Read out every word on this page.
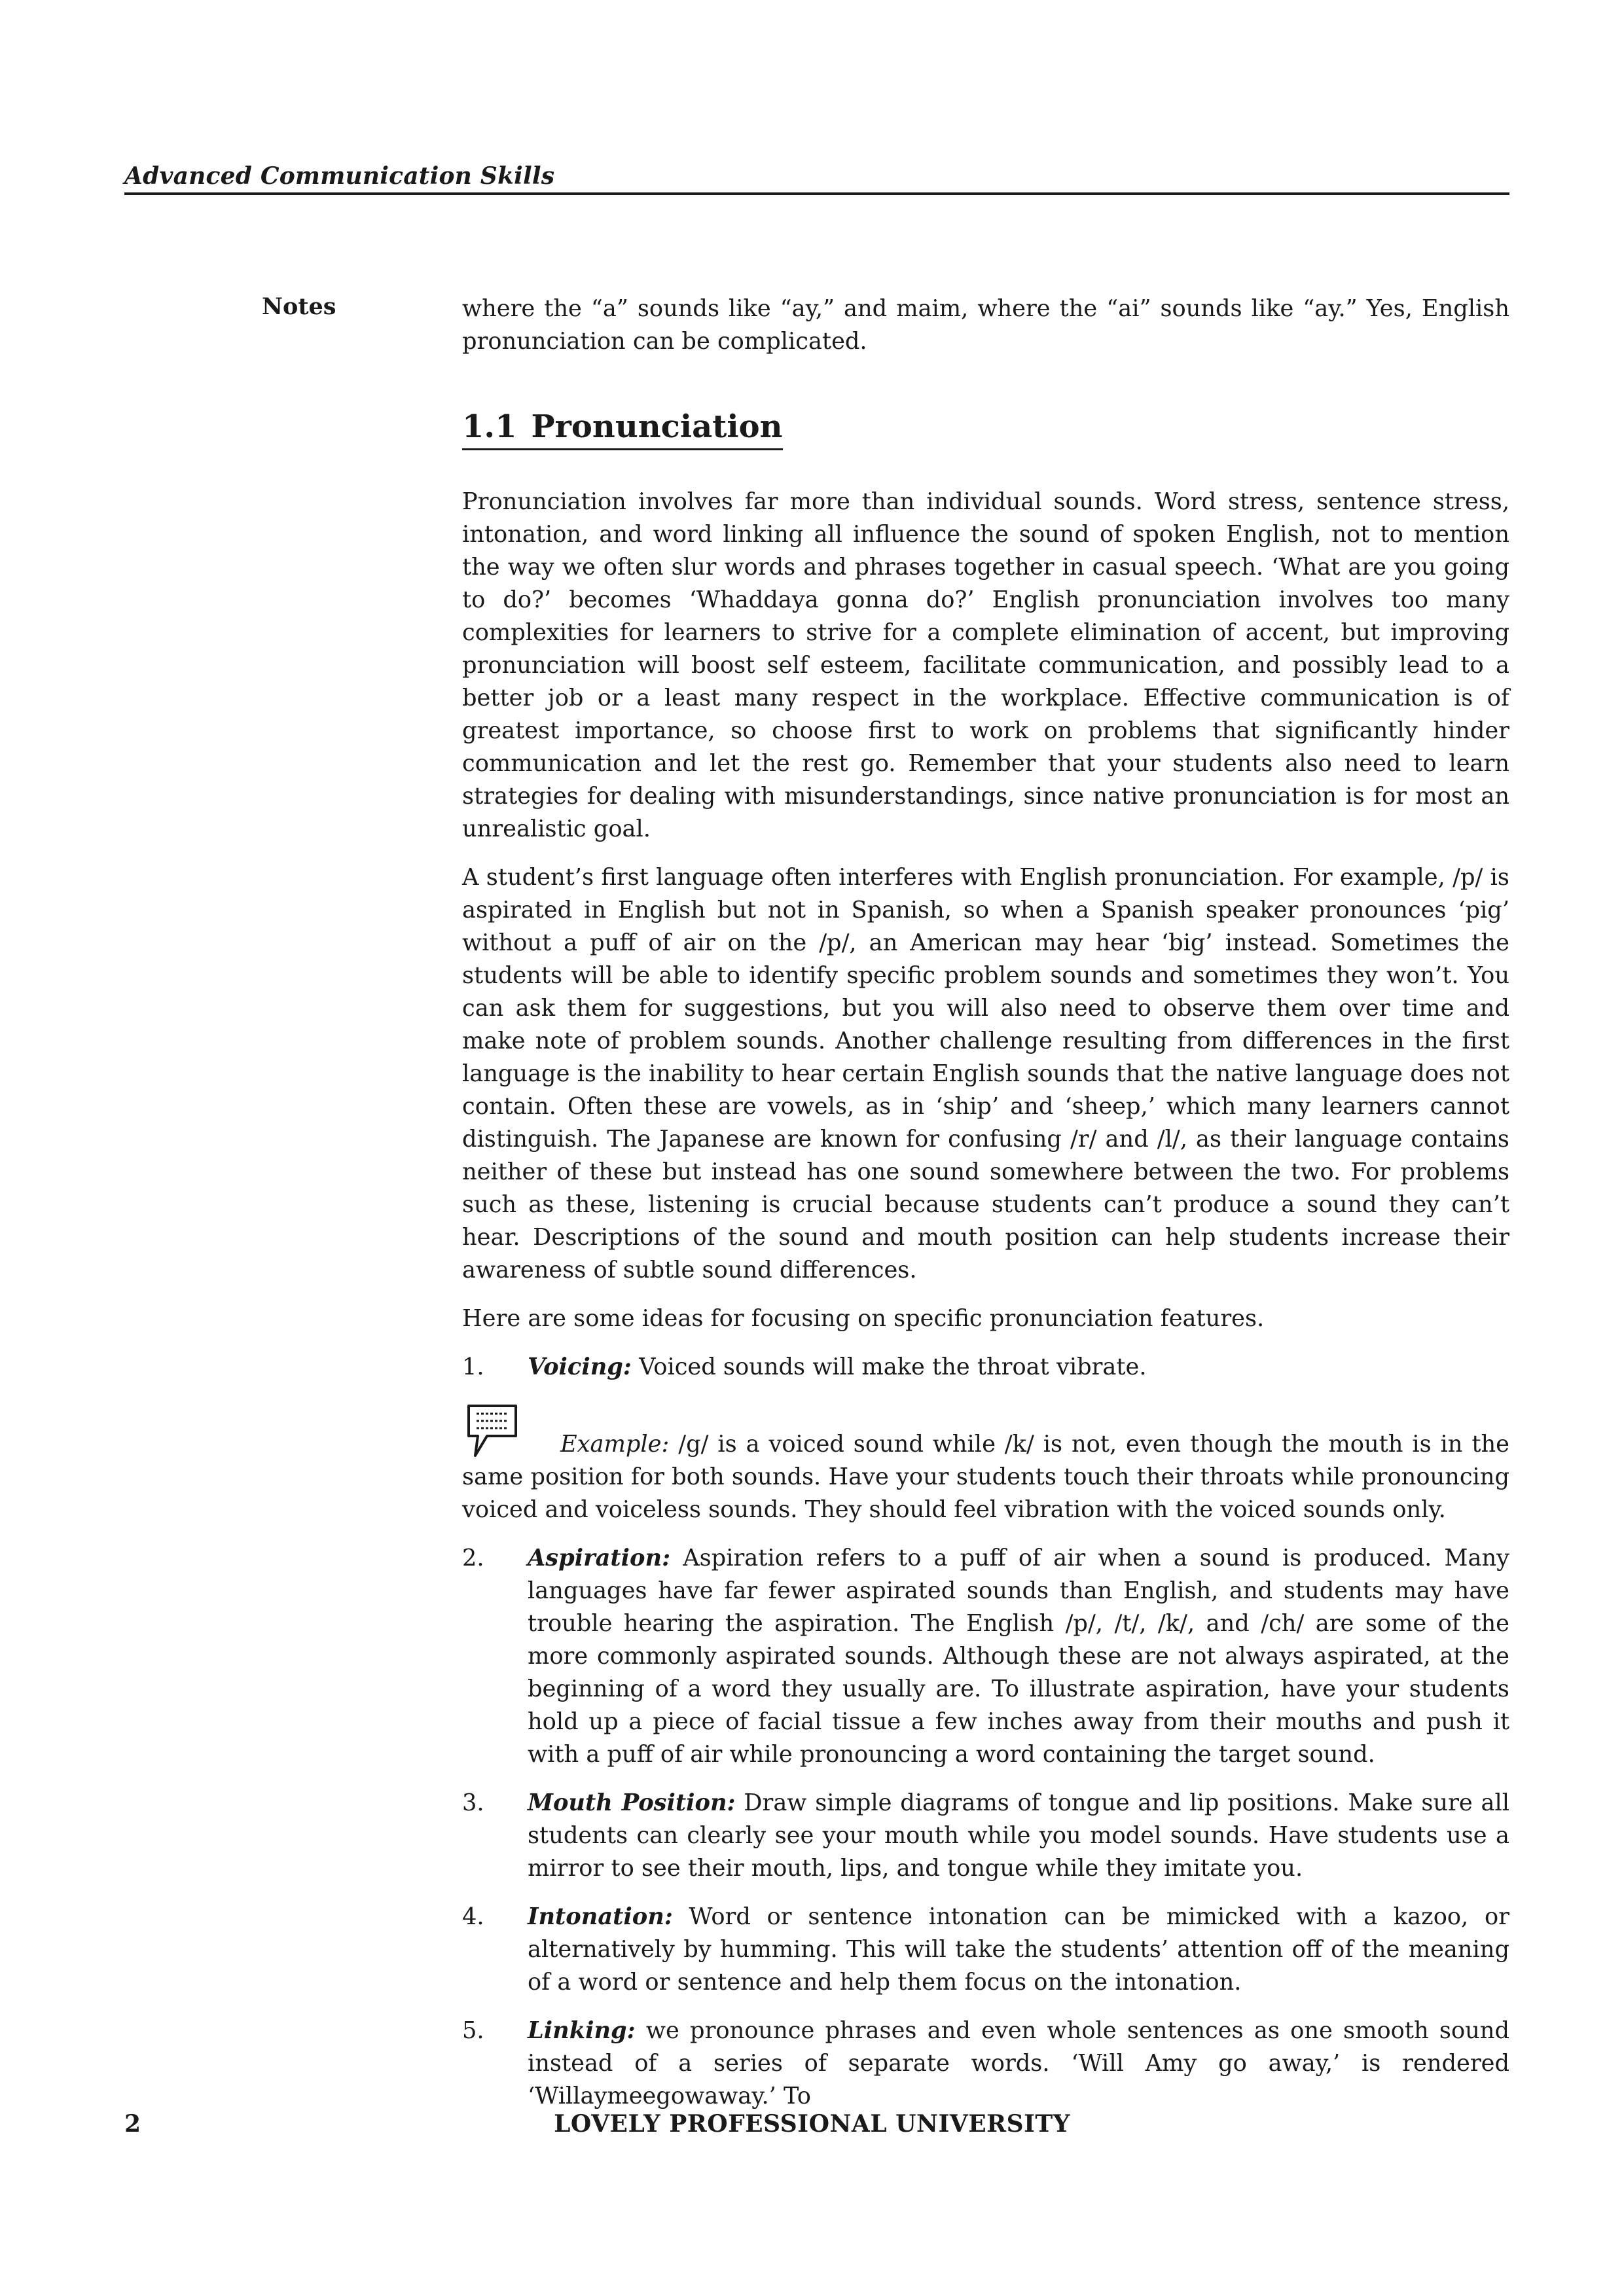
Advanced Communication Skills
Notes	where the “a” sounds like “ay,” and maim, where the “ai” sounds like “ay.” Yes, English pronunciation can be complicated.

1.1 Pronunciation

Pronunciation involves far more than individual sounds. Word stress, sentence stress, intonation, and word linking all influence the sound of spoken English, not to mention the way we often slur words and phrases together in casual speech. ‘What are you going to do?’ becomes ‘Whaddaya gonna do?’ English pronunciation involves too many complexities for learners to strive for a complete elimination of accent, but improving pronunciation will boost self esteem, facilitate communication, and possibly lead to a better job or a least many respect in the workplace. Effective communication is of greatest importance, so choose first to work on problems that significantly hinder communication and let the rest go. Remember that your students also need to learn strategies for dealing with misunderstandings, since native pronunciation is for most an unrealistic goal.

A student’s first language often interferes with English pronunciation. For example, /p/ is aspirated in English but not in Spanish, so when a Spanish speaker pronounces ‘pig’ without a puff of air on the /p/, an American may hear ‘big’ instead. Sometimes the students will be able to identify specific problem sounds and sometimes they won’t. You can ask them for suggestions, but you will also need to observe them over time and make note of problem sounds. Another challenge resulting from differences in the first language is the inability to hear certain English sounds that the native language does not contain. Often these are vowels, as in ‘ship’ and ‘sheep,’ which many learners cannot distinguish. The Japanese are known for confusing /r/ and /l/, as their language contains neither of these but instead has one sound somewhere between the two. For problems such as these, listening is crucial because students can’t produce a sound they can’t hear. Descriptions of the sound and mouth position can help students increase their awareness of subtle sound differences.

Here are some ideas for focusing on specific pronunciation features.

1.	Voicing: Voiced sounds will make the throat vibrate.

Example: /g/ is a voiced sound while /k/ is not, even though the mouth is in the same position for both sounds. Have your students touch their throats while pronouncing voiced and voiceless sounds. They should feel vibration with the voiced sounds only.

2.	Aspiration: Aspiration refers to a puff of air when a sound is produced. Many languages have far fewer aspirated sounds than English, and students may have trouble hearing the aspiration. The English /p/, /t/, /k/, and /ch/ are some of the more commonly aspirated sounds. Although these are not always aspirated, at the beginning of a word they usually are. To illustrate aspiration, have your students hold up a piece of facial tissue a few inches away from their mouths and push it with a puff of air while pronouncing a word containing the target sound.
3.	Mouth Position: Draw simple diagrams of tongue and lip positions. Make sure all students can clearly see your mouth while you model sounds. Have students use a mirror to see their mouth, lips, and tongue while they imitate you.
4.	Intonation: Word or sentence intonation can be mimicked with a kazoo, or alternatively by humming. This will take the students’ attention off of the meaning of a word or sentence and help them focus on the intonation.
5.	Linking: we pronounce phrases and even whole sentences as one smooth sound instead of a series of separate words. ‘Will Amy go away,’ is rendered ‘Willaymeegowaway.’ To
LOVELY PROFESSIONAL UNIVERSITY
2
